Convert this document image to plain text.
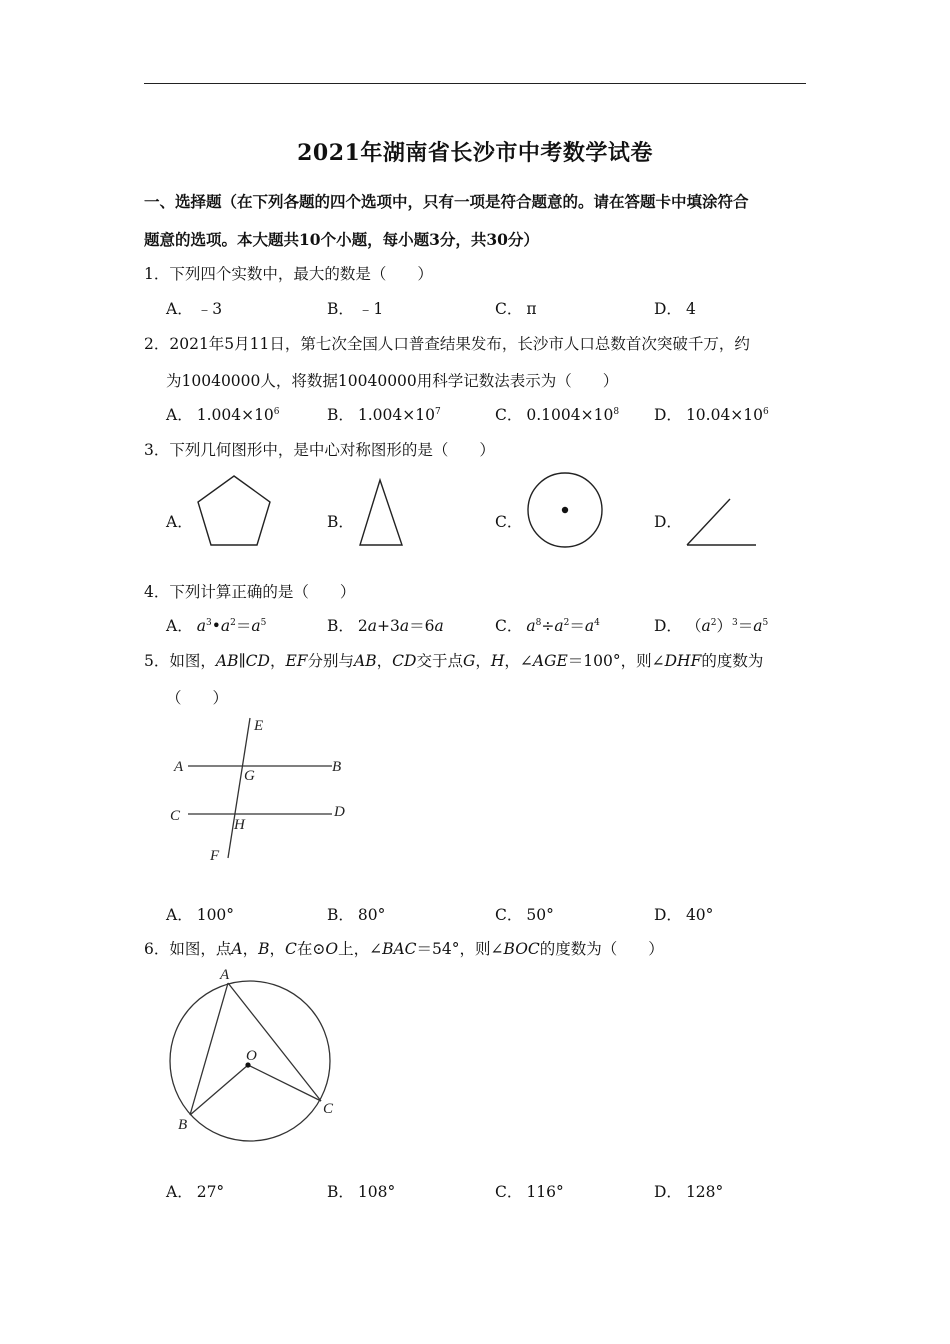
2021年湖南省长沙市中考数学试卷
一、选择题（在下列各题的四个选项中，只有一项是符合题意的。请在答题卡中填涂符合
题意的选项。本大题共10个小题，每小题3分，共30分）
1．下列四个实数中，最大的数是（　　）
A． ﹣3	B． ﹣1	C． π	D． 4
2．2021年5月11日，第七次全国人口普查结果发布，长沙市人口总数首次突破千万，约
为10040000人，将数据10040000用科学记数法表示为（　　）
A． $1.004\times 10^6$	B． $1.004\times 10^7$	C． $0.1004\times 10^8$ D． $10.04\times 10^6$
3．下列几何图形中，是中心对称图形的是（　　）
A．	B．	C．	D．
4．下列计算正确的是（　　）
A． $a^3•a^2=a^5$	B． 2a+3a＝6a	C． $a^8\div a^2=a^4$	D． $(a^2)^3=a^5$
5．如图，AB∥CD，EF分别与AB，CD交于点G，H，∠AGE＝100°，则∠DHF的度数为
（　　）
A	B
C	D
E
F
G
H
A． 100°	B． 80°	C． 50°	D． 40°
6．如图，点A，B，C在⊙O上，∠BAC＝54°，则∠BOC的度数为（　　）
A
B
C
O
A． 27°	B． 108°	C． 116°	D． 128°
